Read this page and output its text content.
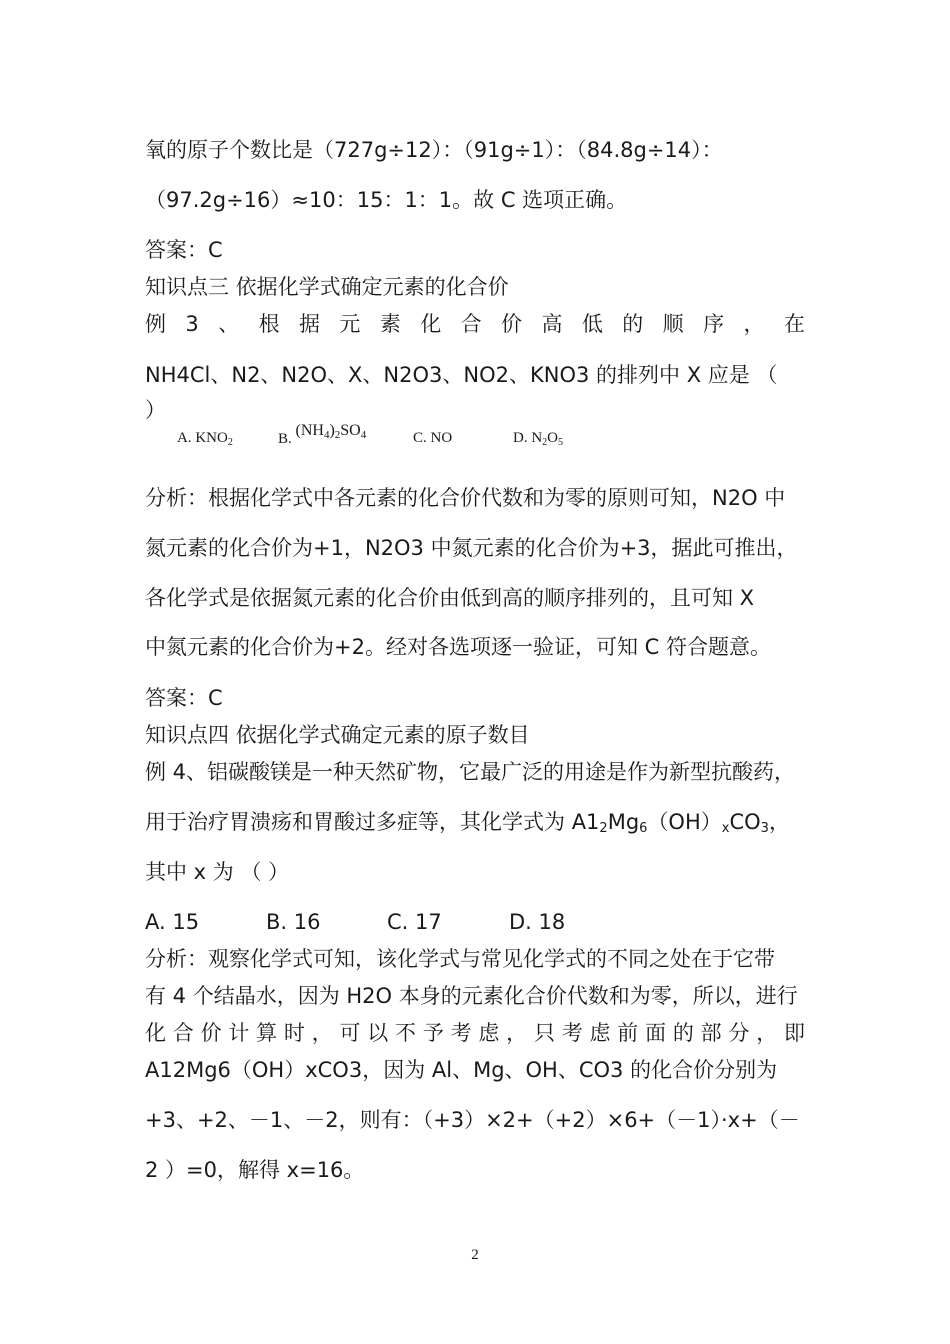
氧的原子个数比是（727g÷12）：（91g÷1）：（84.8g÷14）：
（97.2g÷16）≈10：15：1：1。故 C 选项正确。
答案：C
知识点三 依据化学式确定元素的化合价
例 3 、 根 据 元 素 化 合 价 高 低 的 顺 序 ， 在
NH4Cl、N2、N2O、X、N2O3、NO2、KNO3 的排列中 X 应是 （
）
A. $KNO_2$	B. $(NH_4)_2SO_4$	C. NO	D. $N_2O_5$
分析：根据化学式中各元素的化合价代数和为零的原则可知，N2O 中
氮元素的化合价为+1，N2O3 中氮元素的化合价为+3，据此可推出，
各化学式是依据氮元素的化合价由低到高的顺序排列的，且可知 X
中氮元素的化合价为+2。经对各选项逐一验证，可知 C 符合题意。
答案：C
知识点四 依据化学式确定元素的原子数目
例 4、铝碳酸镁是一种天然矿物，它最广泛的用途是作为新型抗酸药，
用于治疗胃溃疡和胃酸过多症等，其化学式为 $A1_2Mg_6(OH)_xCO_3$，
其中 x 为 （ ）
A. 15	B. 16	C. 17	D. 18
分析：观察化学式可知，该化学式与常见化学式的不同之处在于它带
有 4 个结晶水，因为 H2O 本身的元素化合价代数和为零，所以，进行
化 合 价 计 算 时 ， 可 以 不 予 考 虑 ， 只 考 虑 前 面 的 部 分 ， 即
A12Mg6（OH）xCO3，因为 Al、Mg、OH、CO3 的化合价分别为
+3、+2、－1、－2，则有：（+3）×2+（+2）×6+（－1）·x+（－
2 ）=0，解得 x=16。
2
